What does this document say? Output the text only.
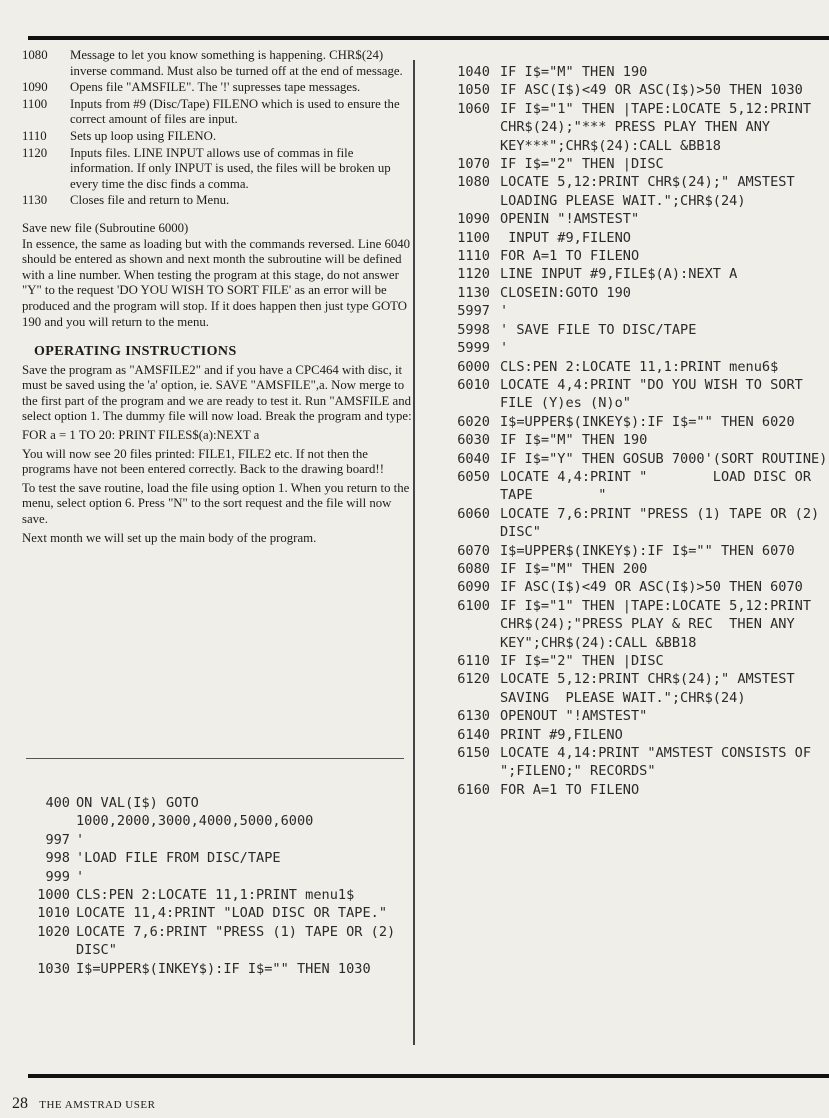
1080	Message to let you know something is happening. CHR$(24) inverse command. Must also be turned off at the end of message.
1090	Opens file "AMSFILE". The '!' supresses tape messages.
1100	Inputs from #9 (Disc/Tape) FILENO which is used to ensure the correct amount of files are input.
1110	Sets up loop using FILENO.
1120	Inputs files. LINE INPUT allows use of commas in file information. If only INPUT is used, the files will be broken up every time the disc finds a comma.
1130	Closes file and return to Menu.

Save new file (Subroutine 6000)
In essence, the same as loading but with the commands reversed. Line 6040 should be entered as shown and next month the subroutine will be defined with a line number. When testing the program at this stage, do not answer "Y" to the request 'DO YOU WISH TO SORT FILE' as an error will be produced and the program will stop. If it does happen then just type GOTO 190 and you will return to the menu.

OPERATING INSTRUCTIONS

Save the program as "AMSFILE2" and if you have a CPC464 with disc, it must be saved using the 'a' option, ie. SAVE "AMSFILE",a. Now merge to the first part of the program and we are ready to test it. Run "AMSFILE and select option 1. The dummy file will now load. Break the program and type:

FOR a = 1 TO 20: PRINT FILES$(a):NEXT a

You will now see 20 files printed: FILE1, FILE2 etc. If not then the programs have not been entered correctly. Back to the drawing board!!

To test the save routine, load the file using option 1. When you return to the menu, select option 6. Press "N" to the sort request and the file will now save.

Next month we will set up the main body of the program.

400 ON VAL(I$) GOTO 1000,2000,3000,4000,5000,6000
997 '
998 'LOAD FILE FROM DISC/TAPE
999 '
1000 CLS:PEN 2:LOCATE 11,1:PRINT menu1$
1010 LOCATE 11,4:PRINT "LOAD DISC OR TAPE."
1020 LOCATE 7,6:PRINT "PRESS (1) TAPE OR (2) DISC"
1030 I$=UPPER$(INKEY$):IF I$="" THEN 1030
1040 IF I$="M" THEN 190
1050 IF ASC(I$)<49 OR ASC(I$)>50 THEN 1030
1060 IF I$="1" THEN |TAPE:LOCATE 5,12:PRINT CHR$(24);"*** PRESS PLAY THEN ANY KEY***";CHR$(24):CALL &BB18
1070 IF I$="2" THEN |DISC
1080 LOCATE 5,12:PRINT CHR$(24);" AMSTEST LOADING PLEASE WAIT.";CHR$(24)
1090 OPENIN "!AMSTEST"
1100 INPUT #9,FILENO
1110 FOR A=1 TO FILENO
1120 LINE INPUT #9,FILE$(A):NEXT A
1130 CLOSEIN:GOTO 190
5997 '
5998 ' SAVE FILE TO DISC/TAPE
5999 '
6000 CLS:PEN 2:LOCATE 11,1:PRINT menu6$
6010 LOCATE 4,4:PRINT "DO YOU WISH TO SORT FILE (Y)es (N)o"
6020 I$=UPPER$(INKEY$):IF I$="" THEN 6020
6030 IF I$="M" THEN 190
6040 IF I$="Y" THEN GOSUB 7000'(SORT ROUTINE)
6050 LOCATE 4,4:PRINT "        LOAD DISC OR TAPE        "
6060 LOCATE 7,6:PRINT "PRESS (1) TAPE OR (2) DISC"
6070 I$=UPPER$(INKEY$):IF I$="" THEN 6070
6080 IF I$="M" THEN 200
6090 IF ASC(I$)<49 OR ASC(I$)>50 THEN 6070
6100 IF I$="1" THEN |TAPE:LOCATE 5,12:PRINT CHR$(24);"PRESS PLAY & REC  THEN ANY KEY";CHR$(24):CALL &BB18
6110 IF I$="2" THEN |DISC
6120 LOCATE 5,12:PRINT CHR$(24);" AMSTEST  SAVING  PLEASE WAIT.";CHR$(24)
6130 OPENOUT "!AMSTEST"
6140 PRINT #9,FILENO
6150 LOCATE 4,14:PRINT "AMSTEST CONSISTS OF ";FILENO;" RECORDS"
6160 FOR A=1 TO FILENO
28 THE AMSTRAD USER
